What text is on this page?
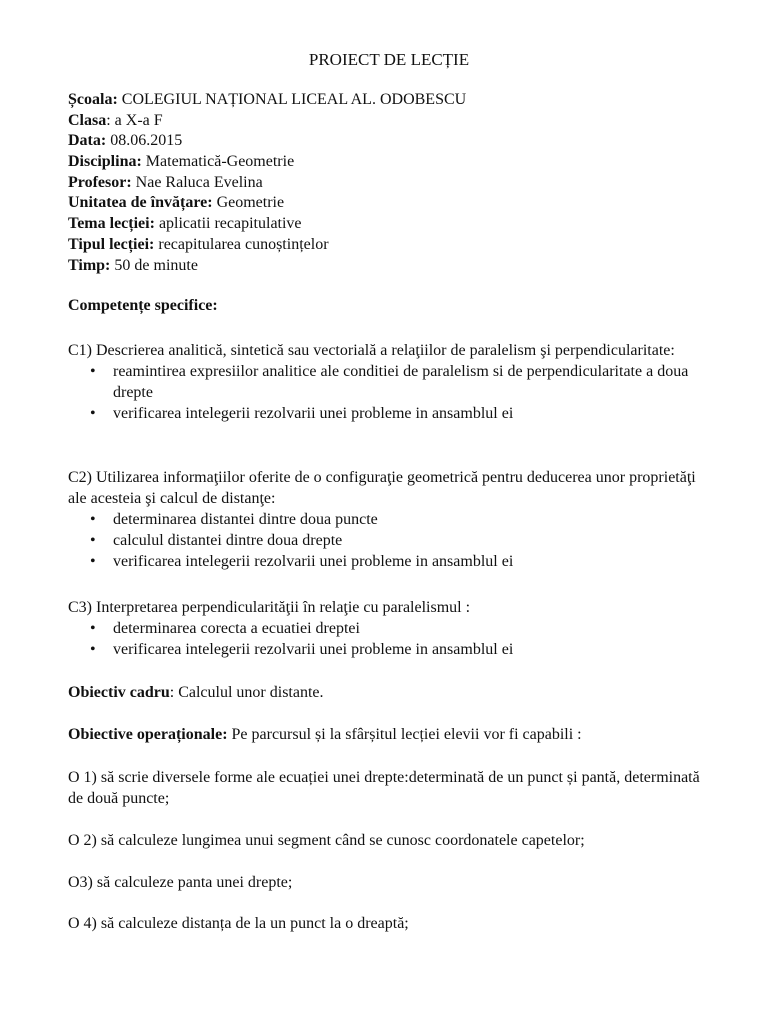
PROIECT DE LECȚIE
Școala: COLEGIUL NAȚIONAL LICEAL AL. ODOBESCU
Clasa: a X-a F
Data: 08.06.2015
Disciplina: Matematică-Geometrie
Profesor: Nae Raluca Evelina
Unitatea de învățare: Geometrie
Tema lecției: aplicatii recapitulative
Tipul lecției: recapitularea cunoștințelor
Timp: 50 de minute
Competențe specifice:

C1) Descrierea analitică, sintetică sau vectorială a relaţiilor de paralelism şi perpendicularitate:

• reamintirea expresiilor analitice ale conditiei de paralelism si de perpendicularitate a doua drepte
• verificarea intelegerii rezolvarii unei probleme in ansamblul ei

C2) Utilizarea informaţiilor oferite de o configuraţie geometrică pentru deducerea unor proprietăţi ale acesteia şi calcul de distanţe:

• determinarea distantei dintre doua puncte
• calculul distantei dintre doua drepte
• verificarea intelegerii rezolvarii unei probleme in ansamblul ei

C3) Interpretarea perpendicularităţii în relaţie cu paralelismul :

• determinarea corecta a ecuatiei dreptei
• verificarea intelegerii rezolvarii unei probleme in ansamblul ei
Obiectiv cadru: Calculul unor distante.
Obiective operaționale: Pe parcursul și la sfârșitul lecției elevii vor fi capabili :

O 1) să scrie diversele forme ale ecuației unei drepte:determinată de un punct și pantă, determinată de două puncte;

O 2) să calculeze lungimea unui segment când se cunosc coordonatele capetelor;

O3) să calculeze panta unei drepte;

O 4) să calculeze distanța de la un punct la o dreaptă;
